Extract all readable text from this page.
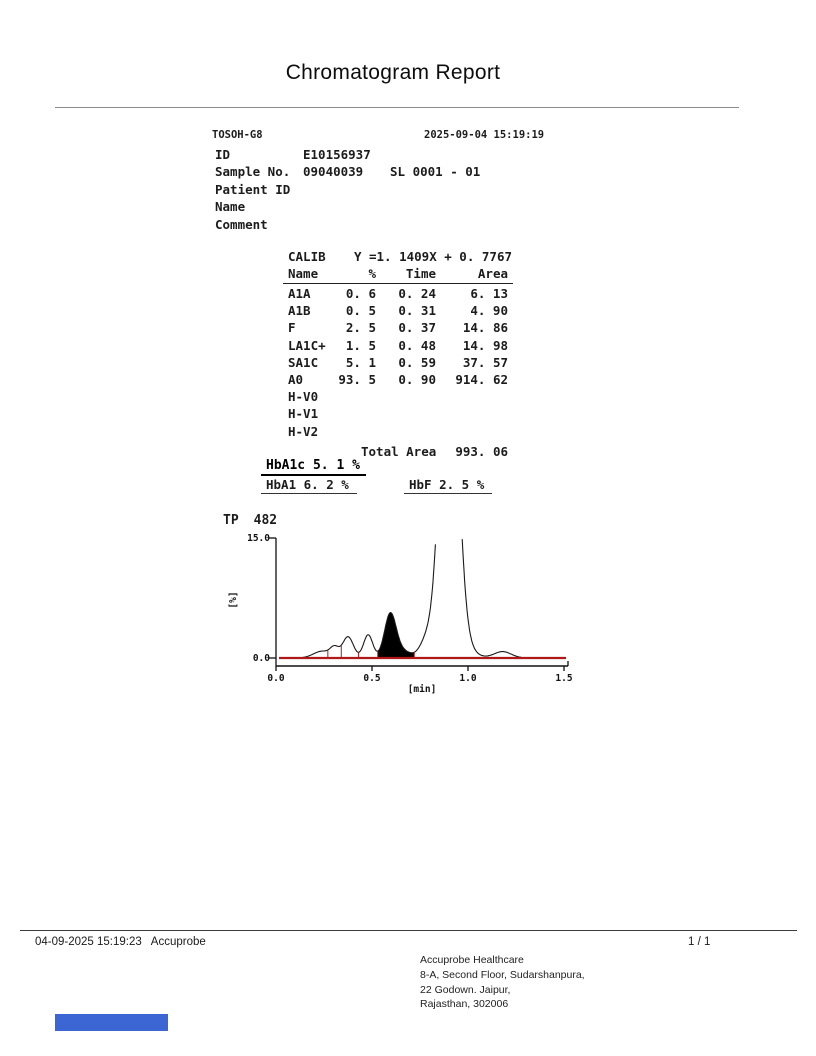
Chromatogram Report
TOSOH-G8	2025-09-04 15:19:19
ID	E10156937
Sample No. 09040039 SL 0001 - 01
Patient ID
Name
Comment
CALIB Y =1. 1409X + 0. 7767
Name	%	Time	Area
A1A	0. 6	0. 24	6. 13
A1B	0. 5	0. 31	4. 90
F	2. 5	0. 37	14. 86
LA1C+	1. 5	0. 48	14. 98
SA1C	5. 1	0. 59	37. 57
A0	93. 5	0. 90	914. 62
H-V0
H-V1
H-V2
Total Area	993. 06
HbA1c 5. 1 %
HbA1 6. 2 %	HbF 2. 5 %
TP 482
0.0	0.5	1.0	1.5
[min]
15.0
0.0
[%]
04-09-2025 15:19:23 Accuprobe	1 / 1
Accuprobe Healthcare
8-A, Second Floor, Sudarshanpura,
22 Godown. Jaipur,
Rajasthan, 302006
